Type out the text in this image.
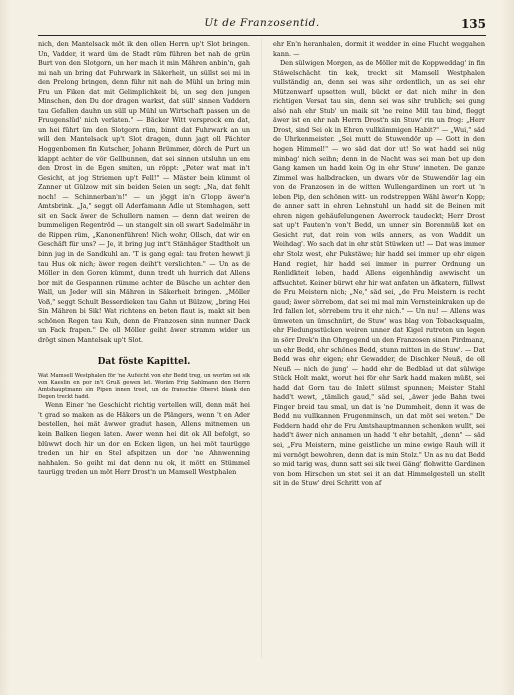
Ut de Franzosentid.	135

nich, den Mantelsack möt ik den ollen Herrn up't Slot bringen. Un, Vadder, it ward üm de Stadt rüm führen bet nah de grün Burt von den Slotgorn, un her mach it min Mähren anbin'n, gah mi nah un bring dat Fuhrwark in Säkerheit, un süllst sei mi in den Prelong bringen, denn führ nit nah de Mühl un bring min Fru un Fiken dat mit Gelimplichkeit bi, un seg den jungen Minschen, den Du dor dragen warkst, dat süll' sinnen Vaddern tau Gefallen dauhn un süll up Mühl un Wirtschaft passen un de Fruugenslüd' nich verlaten." — Bäcker Witt versprock em dat, un hei führt üm den Slotgorn rüm, binnt dat Fuhrwark an un will den Mantelsack up't Slot dragen, dunn jagt oll Pächter Hoggenbomen fin Kutscher, Johann Brümmer, dörch de Purt un klappt achter de vör Gellbunnen, dat sei sinnen utsluhn un em den Drost in de Egen smiten, un röppt: „Peter wat mat in't Gesicht, at jog Striemen up't Fell!" — Mäster bein kümmt ol Zanner ut Gülzow mit sin beiden Seien un segt: „Na, dat fehlt noch! — Schinnerban'n!" — un jöggt in'n G'lopp äwer'n Amtsbrink. „Ja," seggt oll Aderfamann Adle ut Stemhagen, sett sit en Sack äwer de Schullern namen — denn dat weiren de bummeligen Regentröd — un stangelt sin oll swart Sadelmähr in de Rippen rüm, „Kanonenführen! Nich wohr, Ollsch, dat wir en Geschäft für uns? — Je, it bring jug int't Stänhäger Stadtholt un binn jug in de Sandkuhl an. 'T is gang egal: tau freten hewwt ji tau Hus ok nich; äwer regen deiht't verslichten." — Un as de Möller in den Goren kümmt, dunn tredt uh hurrich dat Allens bor mit de Gespannen rümme achter de Büsche un achter den Wall, un Jeder will sin Mähren in Säkerheit bringen. „Möller Voß," seggt Schult Besserdieken tau Gahn ut Bülzow, „bring Hei Sin Mähren bi Sik! Wat richtens en beten flaut is, makt sit ben schönen Regen tau Kuh, denn de Franzosen sinn nunner Dack un Fack frapen." De oll Möller geiht äwer stramm wider un drögt sinen Mantelsak up't Slot.

Dat föste Kapittel.

Wat Mamsell Westphalen för 'ne Aufsicht von ehr Bedd treg, un worüm sei sik von Kaeslin en por in't Gruß gewen let. Woräm Frig Sahlmann den Herrn Amtshauptmann sin Pipen innen treet, un de franschie Oberst blank den Degen treckt hadd.

Wenn Einer 'ne Geschicht richtig vertellen will, denn mät hei 't grad so maken as de Häkers un de Plängers, wenn 't en Ader bestellen, hei mät äwwer gradut hasen, Allens mitnemen un kein Balken liegen laten. Awer wenn hei dit ok All befolgt, so blüwwt doch hir un dor en Ecken ligen, un hei möt taurügge treden un hir en Stel afspitzen un dor 'ne Ahnwenning nahhalen. So geiht mi dat denn nu ok, it mött en Stümmel taurügg treden un möt Herr Drost'n un Mamsell Westphalen

ehr En'n heranhalen, dormit it wedder in eine Flucht weggahen kann. —

Den sülwigen Morgen, as de Möller mit de Koppweddag' in fin Stäwelschächt tin kek, treckt sit Mamsell Westphalen vullständig an, denn sei was sihr ordentlich, un as sei ehr Mützenwarf upsetten wull, bückt er dat nich mihr in den richtigen Versat tau sin, denn sei was sihr trublich; sei gung alsó nah ehr Stub' un maik sit 'ne reine Mill tau bind, fleggt äwer ist en ehr nah Herrn Drost'n sin Stuw' rin un frog: „Herr Drost, sind Sei ok in Ehren vullkämmigen Habit?" — „Wui," säd de Uhrkenmeister. „Sei mutt de Stuwendör up — Gott in den hogen Himmel!" — wo säd dat dor ut! So wat hadd sei nüg minbag' nich seihn; denn in de Nacht was sei man bet up den Gang kamen un hadd kein Og in ehr Stuw' inneten. De ganze Zimmel was halbdracken, un dwars vör de Stuwendör lag ein von de Franzosen in de witten Wullengardinen un rort ut 'n leben Pip, den schönen witt- un rodstreppen Wähl äwer'n Kopp; de anner satt in ehren Lehnstuhl un hadd sit de Beinen mit ehren nigen gehäufelungenen Awerrock taudeckt; Herr Drost sat up't Fauten'n von't Bedd, un unner sin Borenmüß ket en Gesicht rut, dat rein von wils anners, as von Waddit un Weihdag'. Wo sach dat in ehr stüt Stüwken ut! — Dat was immer ehr Stolz west, ehr Pukstäwe; hir hadd sei immer up ehr eigen Hand regiet, hir hadd sei immer in purrer Ordnung un Renlidkteit leben, hadd Allens eigenhändig awwischt un affsuchtet. Keiner bürwt ehr hir wat anfaten un äfkatern, füllwst de Fru Meistern nich; „Ne," säd sei, „de Fru Meistern is recht gaud; äwer sörrebom, dat sei mi mal min Vernsteinkraken up de Ird fallen let, sörrebem tru it ehr nich." — Un nu! — Allens was ümweten un ümschnürt, de Stuw' was blag von Tobacksqualm, ehr Fledungsstücken weiren unner dat Kigel rutreten un legen in sörr Drek'n ihn Ohrgegend un den Franzosen sinen Pirdmanz, un ehr Bedd, ehr schönes Bedd, stunn mitten in de Stuw'. — Dat Bedd was ehr eigen; ehr Gewadder, de Dischker Neuß, de oll Neuß — nich de jung' — hadd ehr de Bedblad ut dat sülwige Stück Holt makt, worut hei för ehr Sark hadd maken müßt, sei hadd dat Gorn tau de Inlett sülmst spunnen; Meister Stahl hadd't wewt, „tämlich gaud," säd sei, „äwer jede Bahn twei Finger breid tau smal, un dat is 'ne Dummheit, denn it was de Bedd nu vullkannen Frugenminsch, un dat möt sei weten." De Feddern hadd ehr de Fru Amtshauptmannen schenken wullt, sei hadd't äwer nich annamen un hadd 't ehr betahlt, „denn" — säd sei, „Fru Meistern, mine geistliche un mine ewige Rauh will it mi vernögt bewohren, denn dat is min Stolz." Un as nu dat Bedd so mid tarig was, dunn satt sei sik twei Gäng' flohwitte Gardinen von bom Hirschen un stet sei it an dat Himmelgestell un stellt sit in de Stuw' drei Schritt von af
